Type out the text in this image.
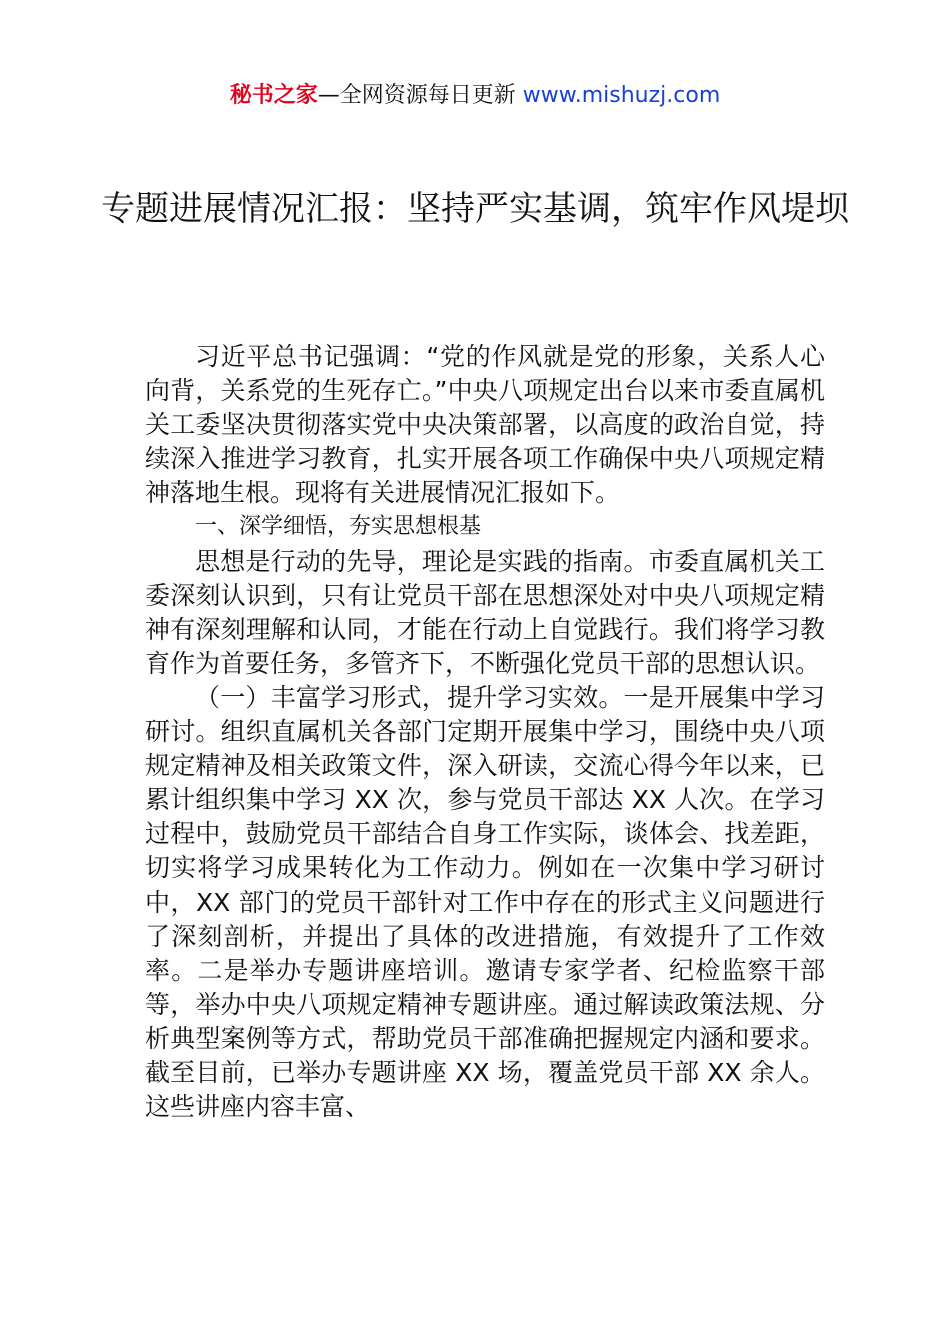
秘书之家—全网资源每日更新 www.mishuzj.com
专题进展情况汇报：坚持严实基调，筑牢作风堤坝

习近平总书记强调：“党的作风就是党的形象，关系人心向背，关系党的生死存亡。”中央八项规定出台以来市委直属机关工委坚决贯彻落实党中央决策部署，以高度的政治自觉，持续深入推进学习教育，扎实开展各项工作确保中央八项规定精神落地生根。现将有关进展情况汇报如下。

一、深学细悟，夯实思想根基

思想是行动的先导，理论是实践的指南。市委直属机关工委深刻认识到，只有让党员干部在思想深处对中央八项规定精神有深刻理解和认同，才能在行动上自觉践行。我们将学习教育作为首要任务，多管齐下，不断强化党员干部的思想认识。

（一）丰富学习形式，提升学习实效。一是开展集中学习研讨。组织直属机关各部门定期开展集中学习，围绕中央八项规定精神及相关政策文件，深入研读，交流心得今年以来，已累计组织集中学习 XX 次，参与党员干部达 XX 人次。在学习过程中，鼓励党员干部结合自身工作实际，谈体会、找差距，切实将学习成果转化为工作动力。例如在一次集中学习研讨中，XX 部门的党员干部针对工作中存在的形式主义问题进行了深刻剖析，并提出了具体的改进措施，有效提升了工作效率。二是举办专题讲座培训。邀请专家学者、纪检监察干部等，举办中央八项规定精神专题讲座。通过解读政策法规、分析典型案例等方式，帮助党员干部准确把握规定内涵和要求。截至目前，已举办专题讲座 XX 场，覆盖党员干部 XX 余人。这些讲座内容丰富、
